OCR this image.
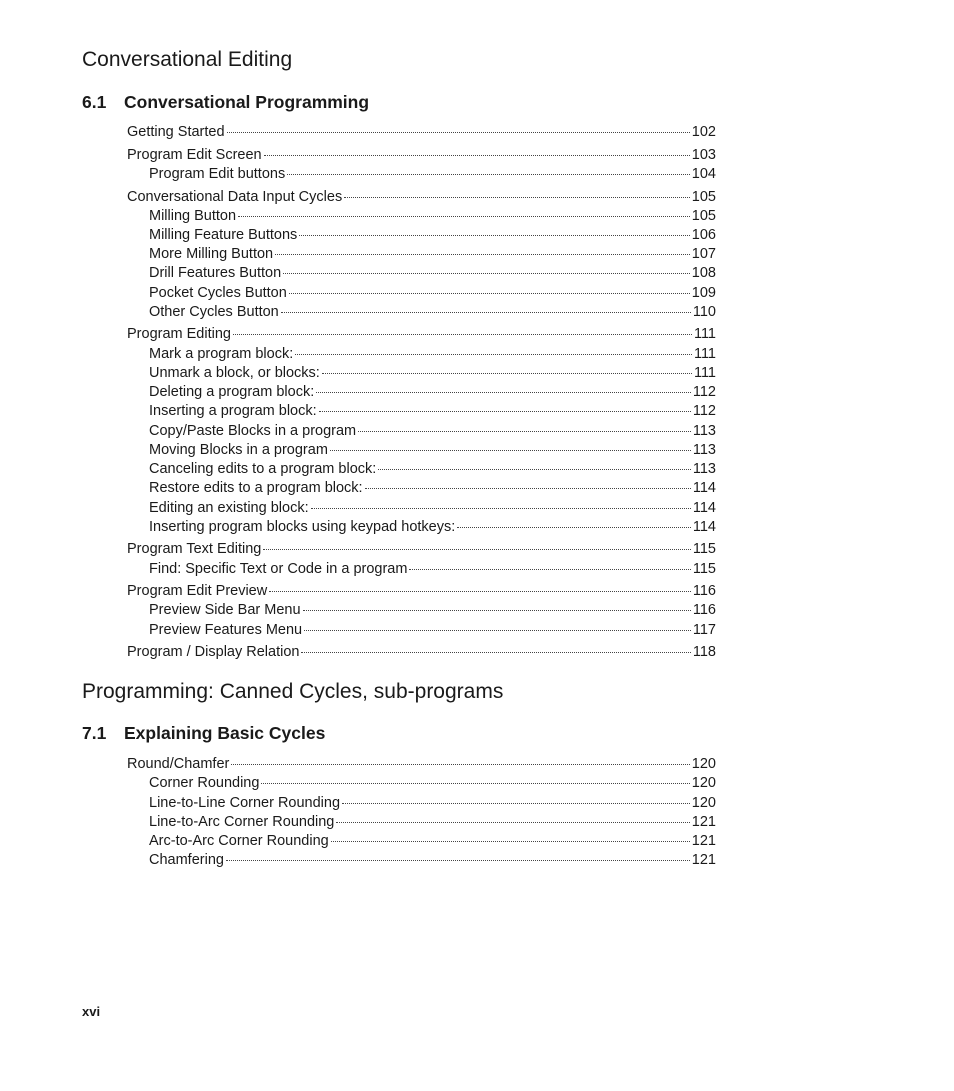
Conversational Editing
6.1 Conversational Programming
Getting Started	102
Program Edit Screen	103
Program Edit buttons	104
Conversational Data Input Cycles	105
Milling Button	105
Milling Feature Buttons	106
More Milling Button	107
Drill Features Button	108
Pocket Cycles Button	109
Other Cycles Button	110
Program Editing	111
Mark a program block:	111
Unmark a block, or blocks:	111
Deleting a program block:	112
Inserting a program block:	112
Copy/Paste Blocks in a program	113
Moving Blocks in a program	113
Canceling edits to a program block:	113
Restore edits to a program block:	114
Editing an existing block:	114
Inserting program blocks using keypad hotkeys:	114
Program Text Editing	115
Find: Specific Text or Code in a program	115
Program Edit Preview	116
Preview Side Bar Menu	116
Preview Features Menu	117
Program / Display Relation	118
Programming: Canned Cycles, sub-programs
7.1 Explaining Basic Cycles
Round/Chamfer	120
Corner Rounding	120
Line-to-Line Corner Rounding	120
Line-to-Arc Corner Rounding	121
Arc-to-Arc Corner Rounding	121
Chamfering	121
xvi
